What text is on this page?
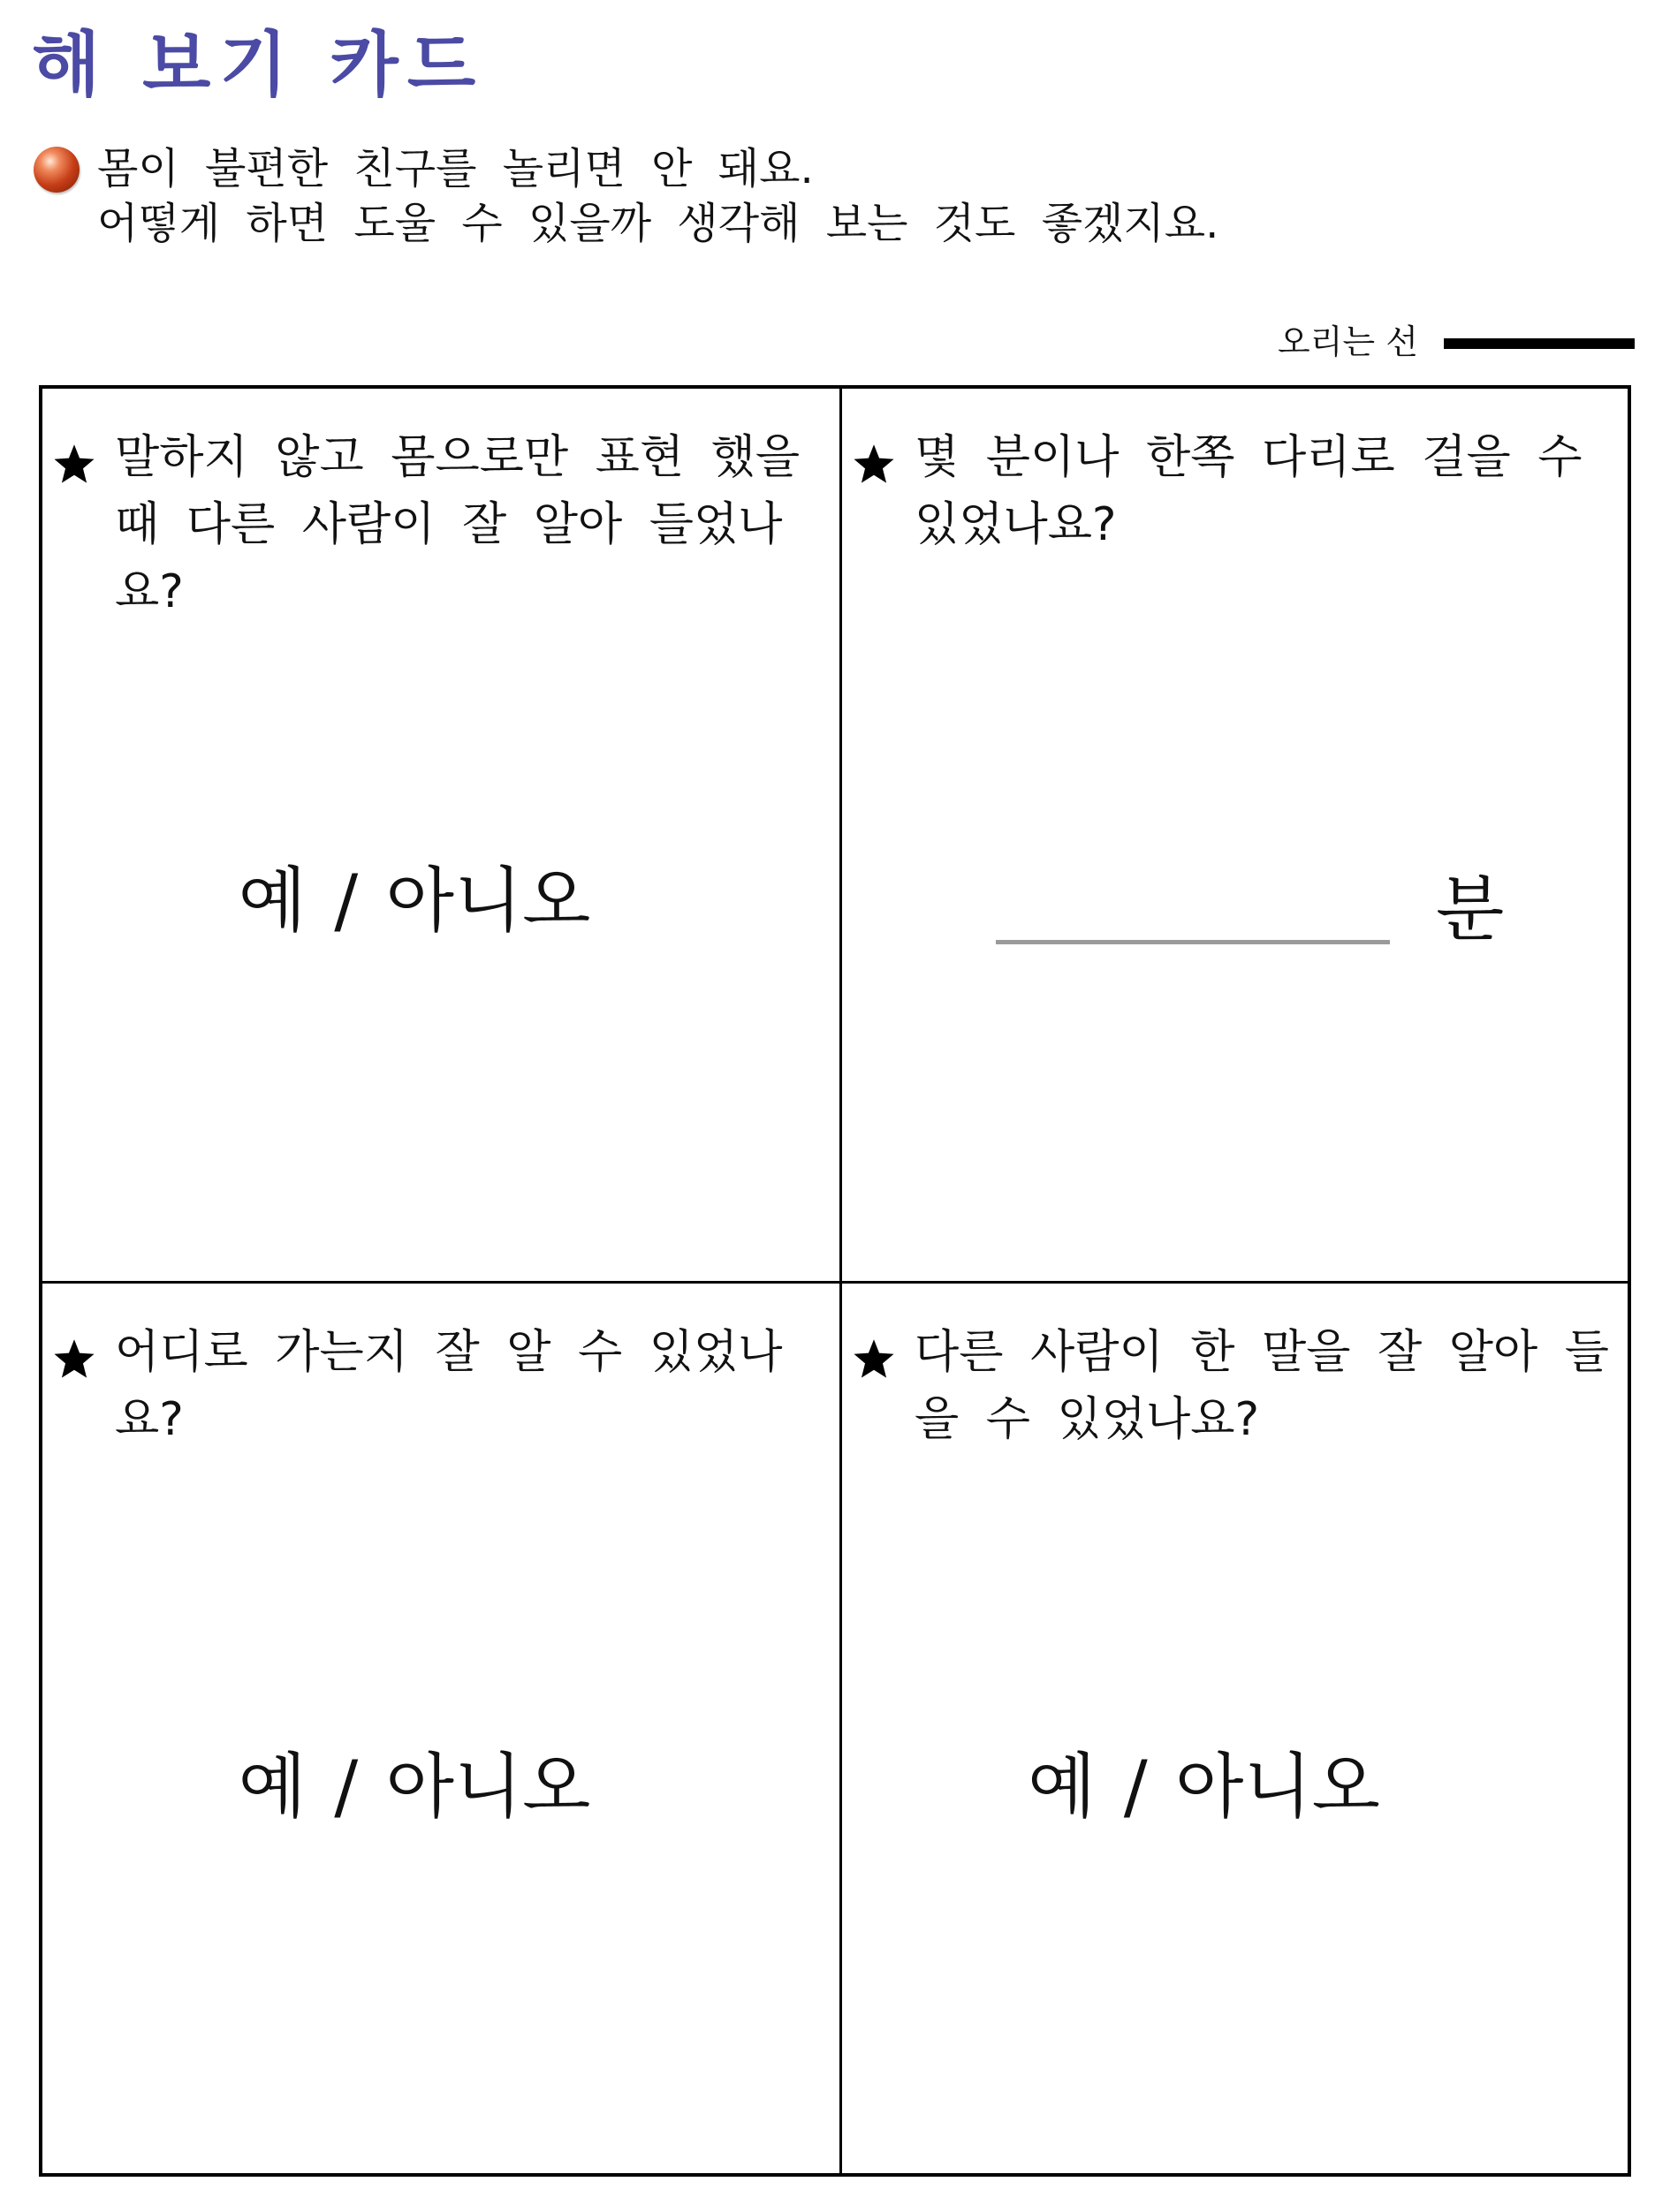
해 보기 카드
몸이 불편한 친구를 놀리면 안 돼요.
어떻게 하면 도울 수 있을까 생각해 보는 것도 좋겠지요.
오리는 선
말하지 않고 몸으로만 표현 했을 때 다른 사람이 잘 알아 들었나요?
예 / 아니오
몇 분이나 한쪽 다리로 걸을 수 있었나요?
분
어디로 가는지 잘 알 수 있었나요?
예 / 아니오
다른 사람이 한 말을 잘 알아 들을 수 있었나요?
예 / 아니오
